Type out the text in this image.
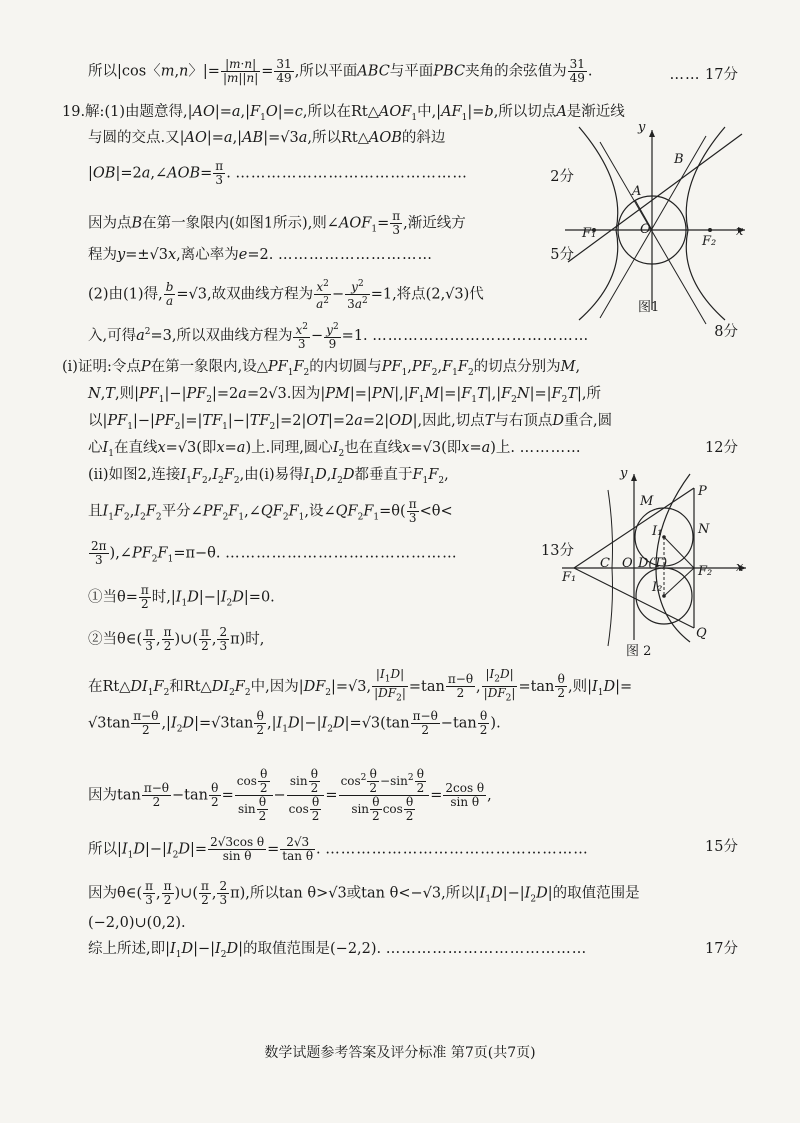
所以|cos〈m,n〉|= $\frac{|m\cdot n|}{|m||n|} = \frac{31}{49}$ ,所以平面ABC与平面PBC夹角的余弦值为 $\frac{31}{49}$ .	…… 17分
19.解:(1)由题意得$,|AO|=a,|F_1O|=c$,所以在$Rt\triangle AOF_1$中$,|AF_1|=b$,所以切点A是渐近线
与圆的交点.又|AO|=a,|AB|=√3a,所以Rt△AOB的斜边
|OB|=2a,∠AOB= $\frac{\pi}{3}$ . ………………………………………	2分
因为点B在第一象限内(如图1所示),则$\angle AOF_1= \frac{\pi}{3}$ ,渐近线方
程为y=±√3x,离心率为e=2. …………………………	5分
(2)由(1)得, $\frac{b}{a} =√3$,故双曲线方程为 $\frac{x^2}{a^2} - \frac{y^2}{3a^2} =1$,将点(2,√3)代
入,可得$a^2=3$,所以双曲线方程为 $\frac{x^2}{3} - \frac{y^2}{9} =1$. ……………………………………	8分
y
x
B
A
O
F₁
F₂
图1
(ⅰ)证明:令点P在第一象限内,设$\triangle PF_1F_2$的内切圆与$PF_1,PF_2,F_1F_2$的切点分别为M,
N,T,则$|PF_1|-|PF_2|=2a=2√3$.因为$|PM|=|PN|,|F_1M|=|F_1T|,|F_2N|=|F_2T|$,所
以$|PF_1|-|PF_2|=|TF_1|-|TF_2|=2|OT|=2a=2|OD|$,因此,切点T与右顶点D重合,圆
心$I_1$在直线x=√3(即x=a)上.同理,圆心$I_2$也在直线x=√3(即x=a)上. …………	12分
(ⅱ)如图2,连接$I_1F_2,I_2F_2$,由(ⅰ)易得$I_1D,I_2D$都垂直于$F_1F_2$,
且$I_1F_2,I_2F_2$平分$\angle PF_2F_1,\angle QF_2F_1$,设$\angle QF_2F_1=\theta( \frac{\pi}{3} <\theta<$
$\frac{2\pi}{3}$ )$,\angle PF_2F_1=\pi-\theta$. ………………………………………	13分
①当$\theta= \frac{\pi}{2}$ 时$,|I_1D|-|I_2D|=0$.
②当θ∈( $\frac{\pi}{3}$ , $\frac{\pi}{2}$ )∪( $\frac{\pi}{2}$ , $\frac{2}{3} \pi$)时,
y
x
M
P
N
I₁
F₁
C O D(T)
F₂
I₂
Q
图 2
在$Rt\triangle DI_1F_2$和$Rt\triangle DI_2F_2$中,因为$|DF_2|=√3$, $\frac{|I_1D|}{|DF_2|} =\tan \frac{\pi-\theta}{2}$ , $\frac{|I_2D|}{|DF_2|} =\tan \frac{\theta}{2}$ ,则$|I_1D|=$
$√3\tan \frac{\pi-\theta}{2} ,|I_2D|=√3\tan \frac{\theta}{2} ,|I_1D|-|I_2D|=√3(\tan \frac{\pi-\theta}{2} -\tan \frac{\theta}{2}$ ).
因为$\tan \frac{\pi-\theta}{2} -\tan \frac{\theta}{2} = \frac{\cos \frac{\theta}{2}}{\sin \frac{\theta}{2}} - \frac{\sin \frac{\theta}{2}}{\cos \frac{\theta}{2}} = \frac{\cos^2 \frac{\theta}{2} -\sin^2 \frac{\theta}{2}}{\sin \frac{\theta}{2} \cos \frac{\theta}{2}} = \frac{\text{2cos θ}}{\text{sin θ}}$ ,
所以$|I_1D|-|I_2D|= \frac{\text{2√3cos θ}}{\text{sin θ}} = \frac{2√3}{\text{tan θ}}$ . ……………………………………………	15分
因为θ∈( $\frac{\pi}{3}$ , $\frac{\pi}{2}$ )∪( $\frac{\pi}{2}$ , $\frac{2}{3} \pi$),所以tan θ>√3或tan θ<−√3,所以$|I_1D|-|I_2D|$的取值范围是
(−2,0)∪(0,2).
综上所述,即$|I_1D|-|I_2D|$的取值范围是(−2,2). …………………………………	17分
数学试题参考答案及评分标准 第7页(共7页)
